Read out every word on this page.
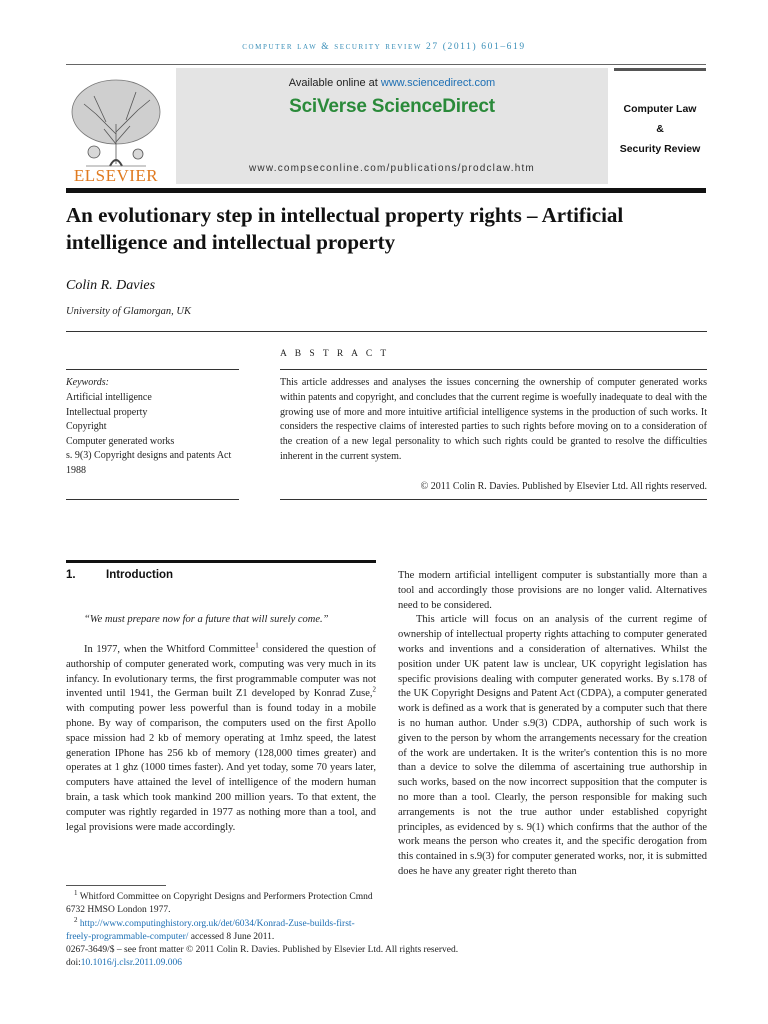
computer law & security review 27 (2011) 601–619
ELSEVIER
Available online at www.sciencedirect.com
SciVerse ScienceDirect
www.compseconline.com/publications/prodclaw.htm
Computer Law
&
Security Review
An evolutionary step in intellectual property rights – Artificial intelligence and intellectual property
Colin R. Davies
University of Glamorgan, UK
A B S T R A C T
Keywords:
Artificial intelligence
Intellectual property
Copyright
Computer generated works
s. 9(3) Copyright designs and patents Act 1988
This article addresses and analyses the issues concerning the ownership of computer generated works within patents and copyright, and concludes that the current regime is woefully inadequate to deal with the growing use of more and more intuitive artificial intelligence systems in the production of such works. It considers the respective claims of interested parties to such rights before moving on to a consideration of the creation of a new legal personality to which such rights could be granted to resolve the difficulties inherent in the current system.
© 2011 Colin R. Davies. Published by Elsevier Ltd. All rights reserved.
1.	Introduction
“We must prepare now for a future that will surely come.”
In 1977, when the Whitford Committee$^1$ considered the question of authorship of computer generated work, computing was very much in its infancy. In evolutionary terms, the first programmable computer was not invented until 1941, the German built Z1 developed by Konrad Zuse,$^2$ with computing power less powerful than is found today in a mobile phone. By way of comparison, the computers used on the first Apollo space mission had 2 kb of memory operating at 1mhz speed, the latest generation IPhone has 256 kb of memory (128,000 times greater) and operates at 1 ghz (1000 times faster). And yet today, some 70 years later, computers have attained the level of intelligence of the modern human brain, a task which took mankind 200 million years. To that extent, the computer was rightly regarded in 1977 as nothing more than a tool, and legal provisions were made accordingly.
$^1$ Whitford Committee on Copyright Designs and Performers Protection Cmnd 6732 HMSO London 1977.
$^2$ http://www.computinghistory.org.uk/det/6034/Konrad-Zuse-builds-first-freely-programmable-computer/ accessed 8 June 2011.
0267-3649/$ – see front matter © 2011 Colin R. Davies. Published by Elsevier Ltd. All rights reserved.
doi:10.1016/j.clsr.2011.09.006

The modern artificial intelligent computer is substantially more than a tool and accordingly those provisions are no longer valid. Alternatives need to be considered.

This article will focus on an analysis of the current regime of ownership of intellectual property rights attaching to computer generated works and inventions and a consideration of alternatives. Whilst the position under UK patent law is unclear, UK copyright legislation has specific provisions dealing with computer generated works. By s.178 of the UK Copyright Designs and Patent Act (CDPA), a computer generated work is defined as a work that is generated by a computer such that there is no human author. Under s.9(3) CDPA, authorship of such work is given to the person by whom the arrangements necessary for the creation of the work are undertaken. It is the writer's contention this is no more than a device to solve the dilemma of ascertaining true authorship in such works, based on the now incorrect supposition that the computer is no more than a tool. Clearly, the person responsible for making such arrangements is not the true author under established copyright principles, as evidenced by s. 9(1) which confirms that the author of the work means the person who creates it, and the specific derogation from this contained in s.9(3) for computer generated works, nor, it is submitted does he have any greater right thereto than
